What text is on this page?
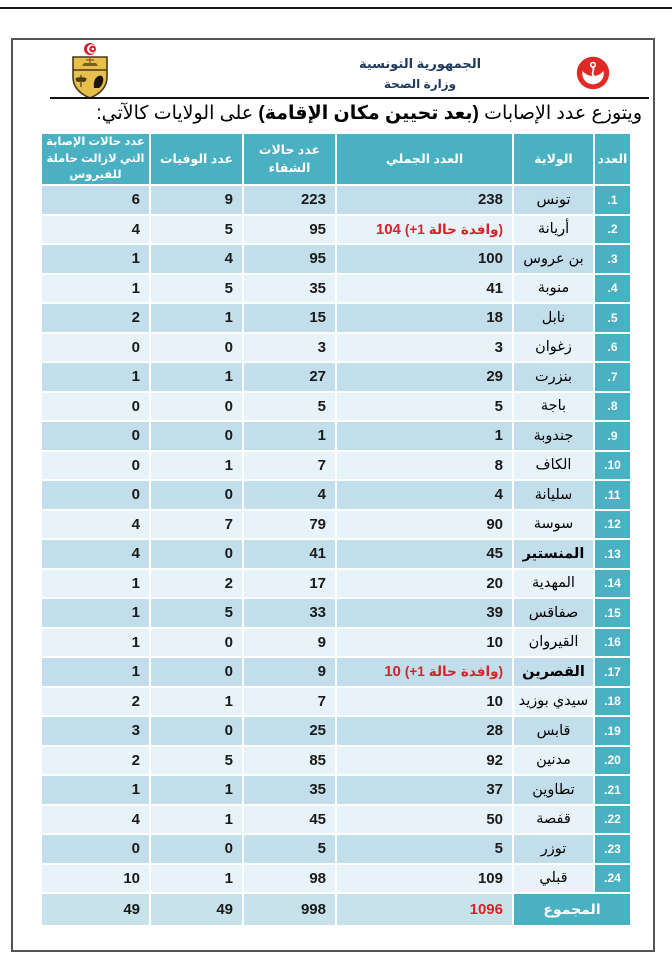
الجمهورية التونسية
وزارة الصحة
ويتوزع عدد الإصابات (بعد تحيين مكان الإقامة) على الولايات كالآتي:
العدد	الولاية	العدد الجملي	عدد حالات الشفاء	عدد الوفيات	عدد حالات الإصابة التي لازالت حاملة للفيروس
1.	تونس	238	223	9	6
2.	أريانة	104 (+1 حالة وافدة)	95	5	4
3.	بن عروس	100	95	4	1
4.	منوبة	41	35	5	1
5.	نابل	18	15	1	2
6.	زغوان	3	3	0	0
7.	بنزرت	29	27	1	1
8.	باجة	5	5	0	0
9.	جندوبة	1	1	0	0
10.	الكاف	8	7	1	0
11.	سليانة	4	4	0	0
12.	سوسة	90	79	7	4
13.	المنستير	45	41	0	4
14.	المهدية	20	17	2	1
15.	صفاقس	39	33	5	1
16.	القيروان	10	9	0	1
17.	القصرين	10 (+1 حالة وافدة)	9	0	1
18.	سيدي بوزيد	10	7	1	2
19.	قابس	28	25	0	3
20.	مدنين	92	85	5	2
21.	تطاوين	37	35	1	1
22.	قفصة	50	45	1	4
23.	توزر	5	5	0	0
24.	قبلي	109	98	1	10
المجموع		1096	998	49	49
